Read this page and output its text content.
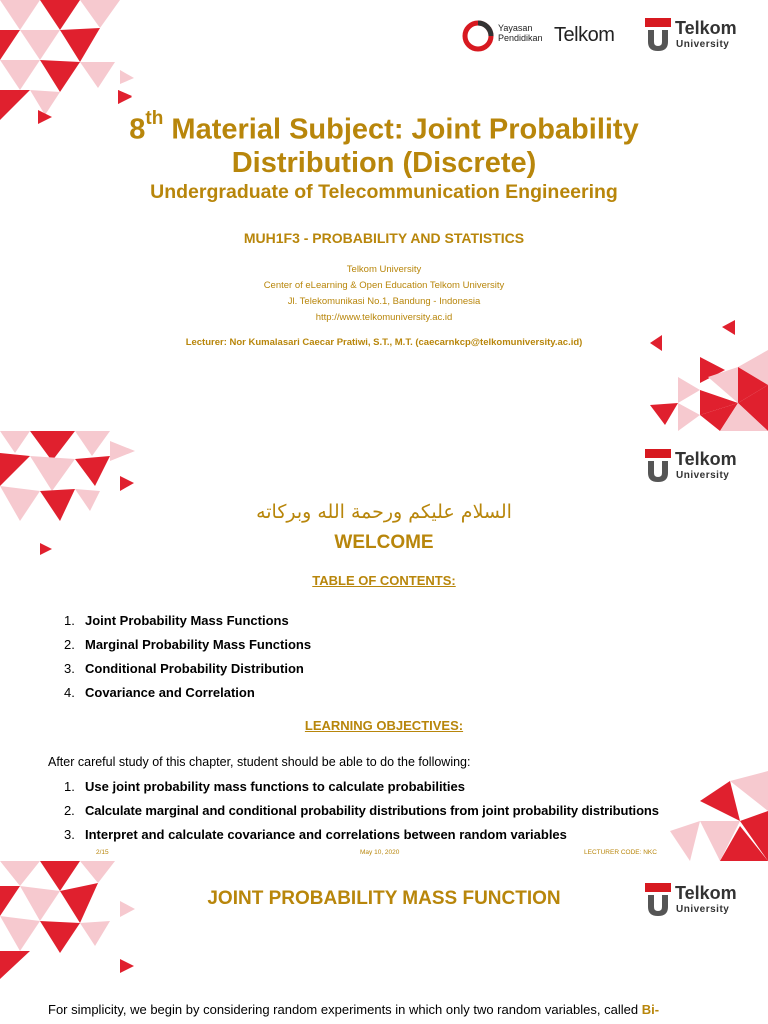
Yayasan
Pendidikan Telkom	Telkom
University
8th Material Subject: Joint Probability
Distribution (Discrete)
Undergraduate of Telecommunication Engineering
MUH1F3 - PROBABILITY AND STATISTICS
Telkom University
Center of eLearning & Open Education Telkom University
Jl. Telekomunikasi No.1, Bandung - Indonesia
http://www.telkomuniversity.ac.id
Lecturer: Nor Kumalasari Caecar Pratiwi, S.T., M.T. (caecarnkcp@telkomuniversity.ac.id)
Telkom
University
السلام عليكم ورحمة الله وبركاته
WELCOME
TABLE OF CONTENTS:
1. Joint Probability Mass Functions
2. Marginal Probability Mass Functions
3. Conditional Probability Distribution
4. Covariance and Correlation
LEARNING OBJECTIVES:
After careful study of this chapter, student should be able to do the following:
1. Use joint probability mass functions to calculate probabilities
2. Calculate marginal and conditional probability distributions from joint probability distributions
3. Interpret and calculate covariance and correlations between random variables
2/15	May 10, 2020	LECTURER CODE: NKC
Telkom
University
JOINT PROBABILITY MASS FUNCTION
For simplicity, we begin by considering random experiments in which only two random variables, called Bi-
